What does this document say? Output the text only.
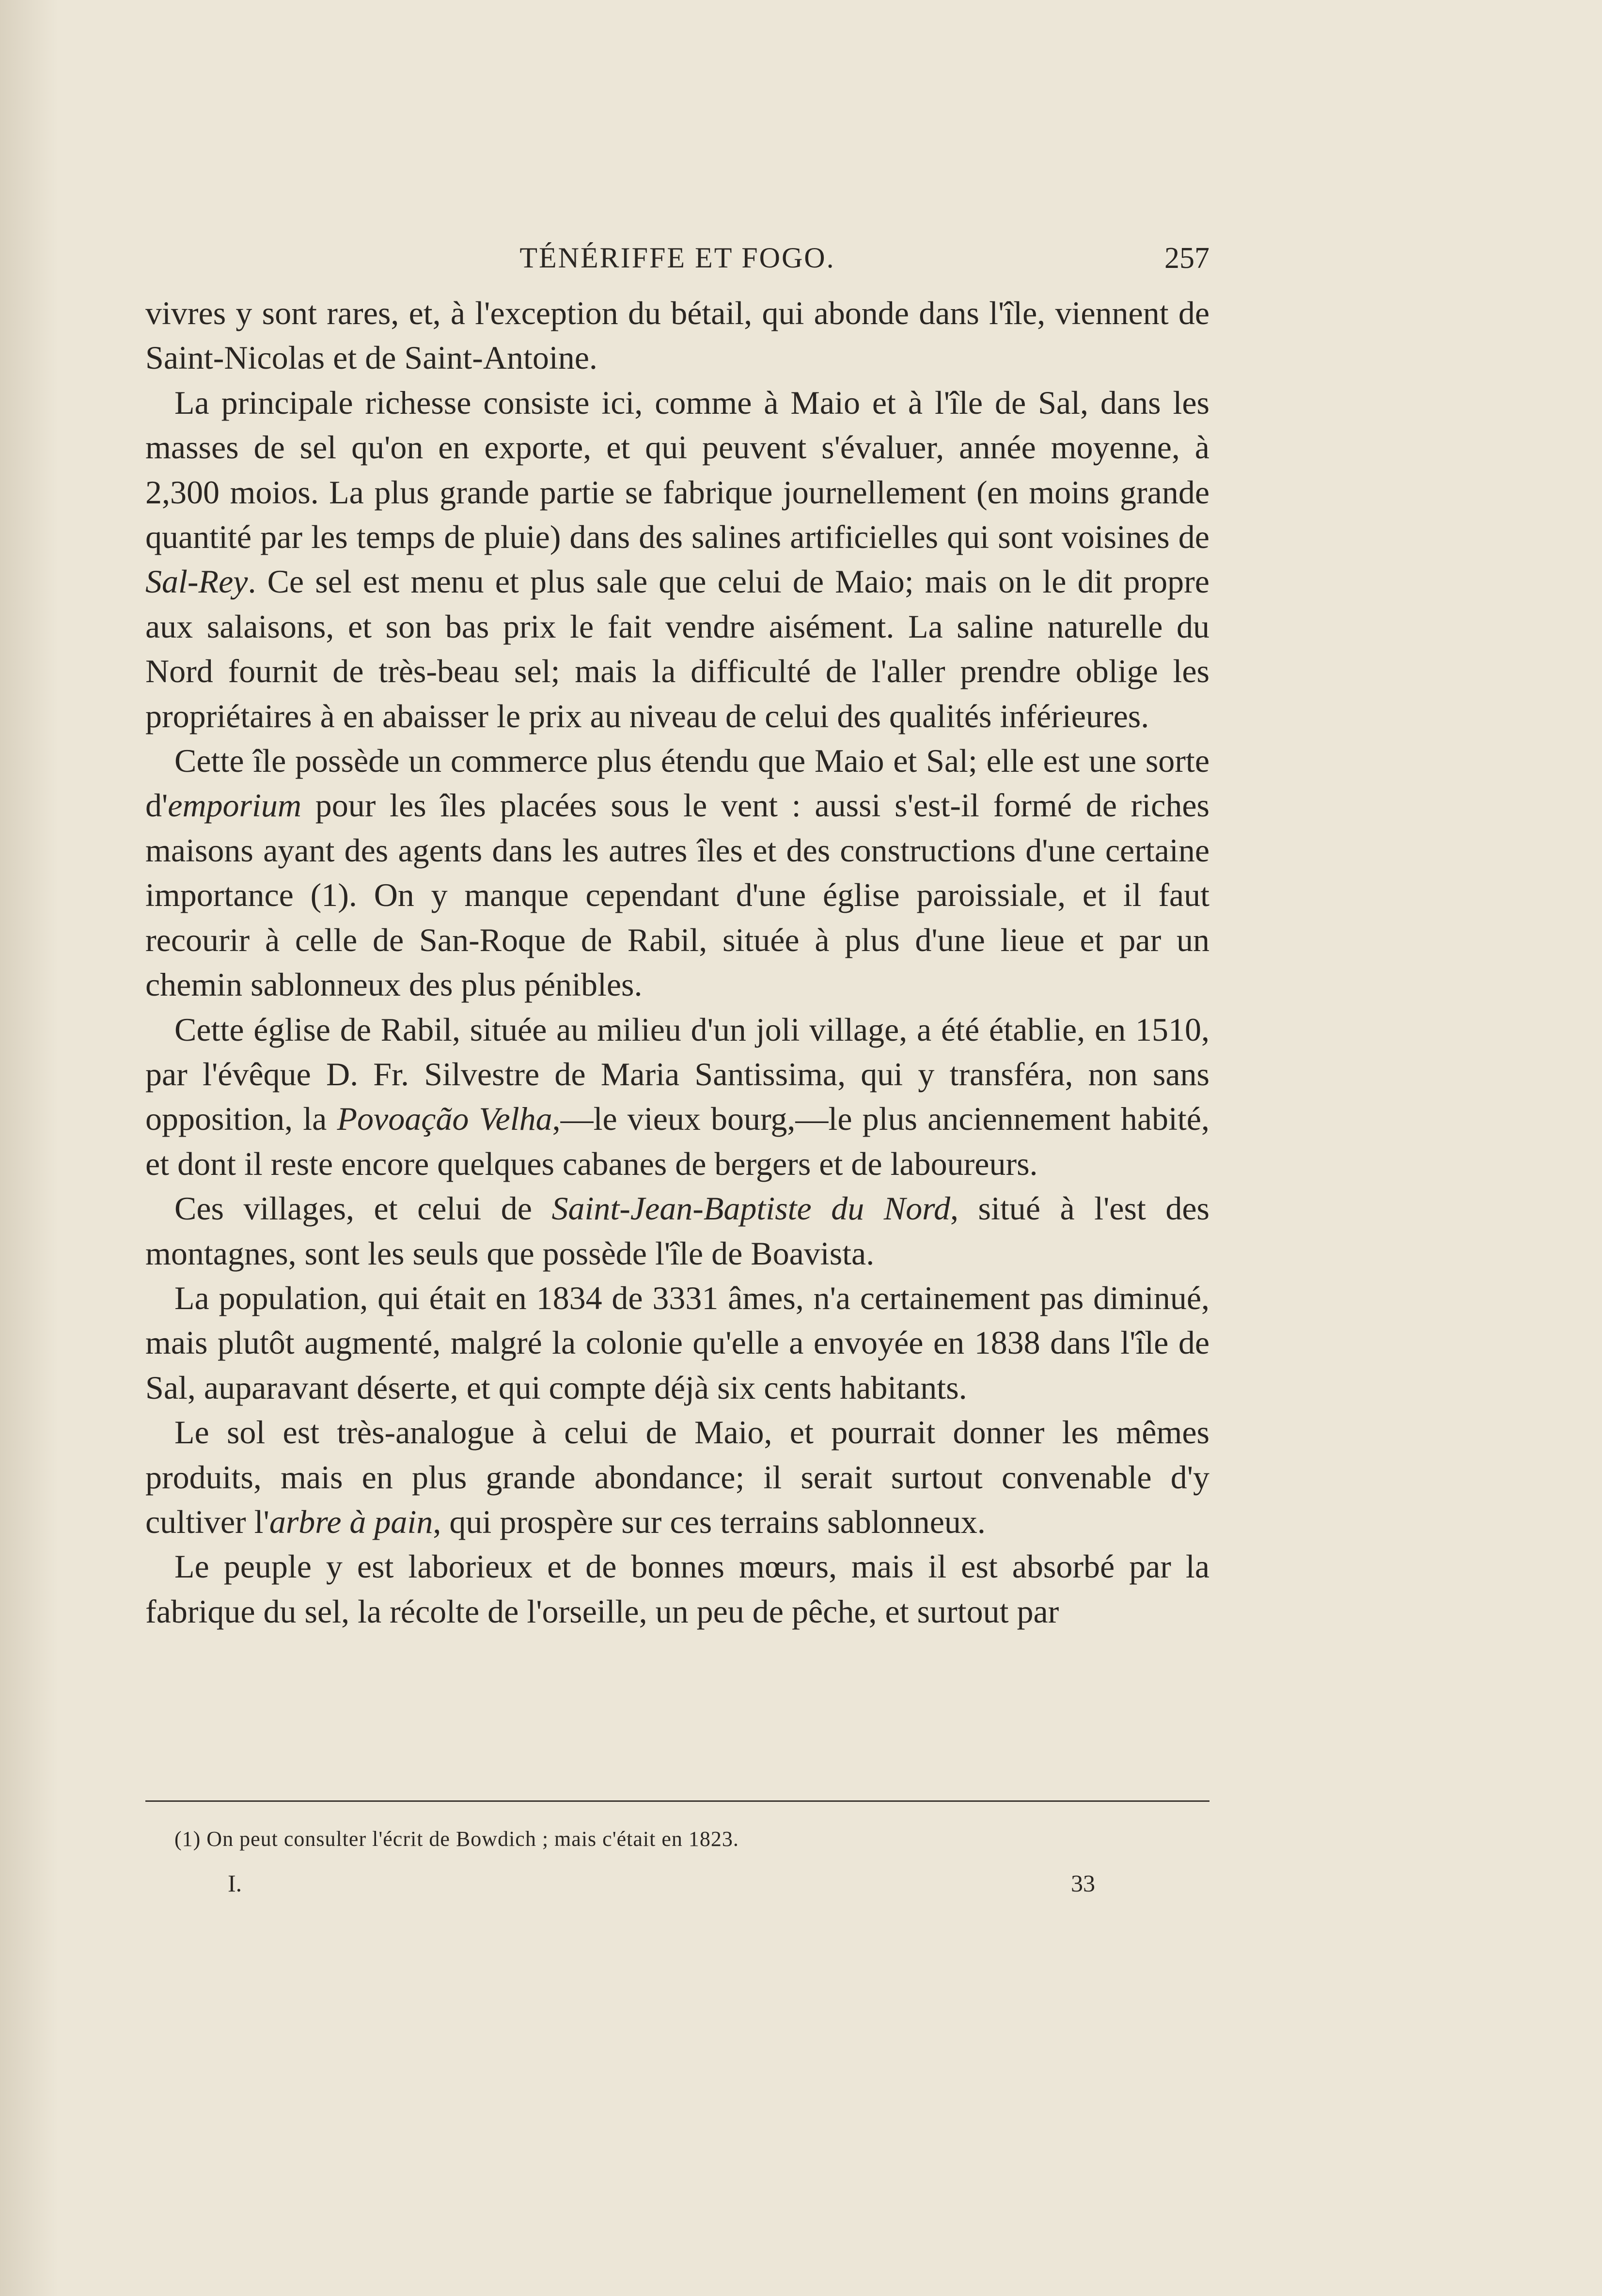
TÉNÉRIFFE ET FOGO.	257

vivres y sont rares, et, à l'exception du bétail, qui abonde dans l'île, viennent de Saint-Nicolas et de Saint-Antoine.

La principale richesse consiste ici, comme à Maio et à l'île de Sal, dans les masses de sel qu'on en exporte, et qui peuvent s'évaluer, année moyenne, à 2,300 moios. La plus grande partie se fabrique journellement (en moins grande quantité par les temps de pluie) dans des salines artificielles qui sont voisines de Sal-Rey. Ce sel est menu et plus sale que celui de Maio; mais on le dit propre aux salaisons, et son bas prix le fait vendre aisément. La saline naturelle du Nord fournit de très-beau sel; mais la difficulté de l'aller prendre oblige les propriétaires à en abaisser le prix au niveau de celui des qualités inférieures.

Cette île possède un commerce plus étendu que Maio et Sal; elle est une sorte d'emporium pour les îles placées sous le vent : aussi s'est-il formé de riches maisons ayant des agents dans les autres îles et des constructions d'une certaine importance (1). On y manque cependant d'une église paroissiale, et il faut recourir à celle de San-Roque de Rabil, située à plus d'une lieue et par un chemin sablonneux des plus pénibles.

Cette église de Rabil, située au milieu d'un joli village, a été établie, en 1510, par l'évêque D. Fr. Silvestre de Maria Santissima, qui y transféra, non sans opposition, la Povoação Velha,—le vieux bourg,—le plus anciennement habité, et dont il reste encore quelques cabanes de bergers et de laboureurs.

Ces villages, et celui de Saint-Jean-Baptiste du Nord, situé à l'est des montagnes, sont les seuls que possède l'île de Boavista.

La population, qui était en 1834 de 3331 âmes, n'a certainement pas diminué, mais plutôt augmenté, malgré la colonie qu'elle a envoyée en 1838 dans l'île de Sal, auparavant déserte, et qui compte déjà six cents habitants.

Le sol est très-analogue à celui de Maio, et pourrait donner les mêmes produits, mais en plus grande abondance; il serait surtout convenable d'y cultiver l'arbre à pain, qui prospère sur ces terrains sablonneux.

Le peuple y est laborieux et de bonnes mœurs, mais il est absorbé par la fabrique du sel, la récolte de l'orseille, un peu de pêche, et surtout par

(1) On peut consulter l'écrit de Bowdich ; mais c'était en 1823.
I.	33
